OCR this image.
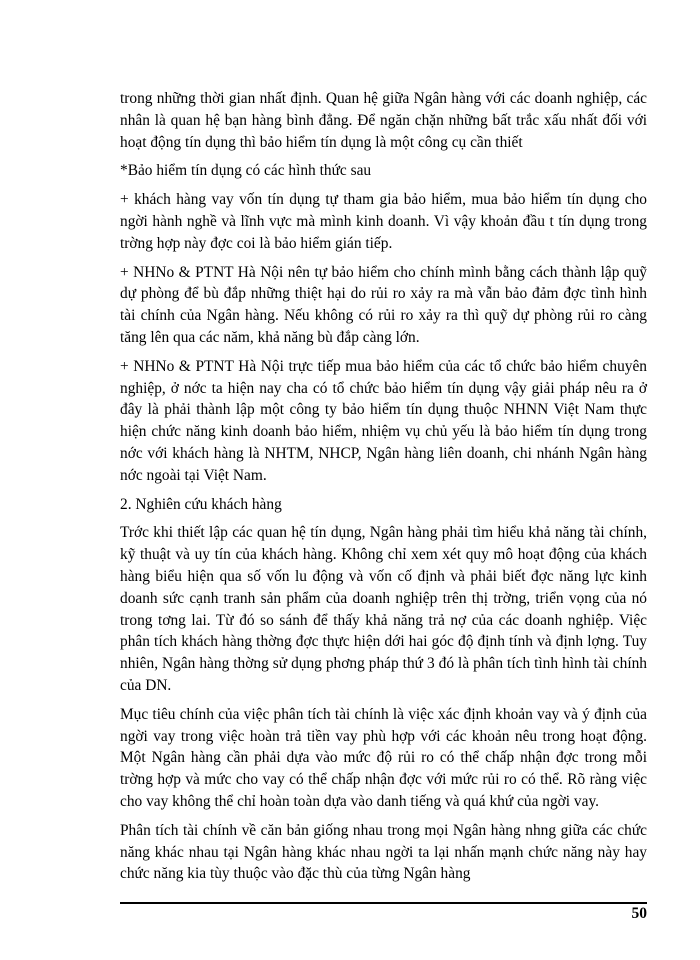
trong những thời gian nhất định. Quan hệ giữa Ngân hàng với các doanh nghiệp, các nhân là quan hệ bạn hàng bình đẳng. Để ngăn chặn những bất trắc xấu nhất đối với hoạt động tín dụng thì bảo hiểm tín dụng là một công cụ cần thiết

*Bảo hiểm tín dụng có các hình thức sau

+ khách hàng vay vốn tín dụng tự tham gia bảo hiểm, mua bảo hiểm tín dụng cho ngời hành nghề và lĩnh vực mà mình kinh doanh. Vì vậy khoản đầu t tín dụng trong trờng hợp này đợc coi là bảo hiểm gián tiếp.

+ NHNo & PTNT Hà Nội nên tự bảo hiểm cho chính mình bằng cách thành lập quỹ dự phòng để bù đắp những thiệt hại do rủi ro xảy ra mà vẫn bảo đảm đợc tình hình tài chính của Ngân hàng. Nếu không có rủi ro xảy ra thì quỹ dự phòng rủi ro càng tăng lên qua các năm, khả năng bù đắp càng lớn.

+ NHNo & PTNT Hà Nội trực tiếp mua bảo hiểm của các tổ chức bảo hiểm chuyên nghiệp, ở nớc ta hiện nay cha có tổ chức bảo hiểm tín dụng vậy giải pháp nêu ra ở đây là phải thành lập một công ty bảo hiểm tín dụng thuộc NHNN Việt Nam thực hiện chức năng kinh doanh bảo hiểm, nhiệm vụ chủ yếu là bảo hiểm tín dụng trong nớc với khách hàng là NHTM, NHCP, Ngân hàng liên doanh, chi nhánh Ngân hàng nớc ngoài tại Việt Nam.

2. Nghiên cứu khách hàng

Trớc khi thiết lập các quan hệ tín dụng, Ngân hàng phải tìm hiểu khả năng tài chính, kỹ thuật và uy tín của khách hàng. Không chỉ xem xét quy mô hoạt động của khách hàng biểu hiện qua số vốn lu động và vốn cố định và phải biết đợc năng lực kinh doanh sức cạnh tranh sản phẩm của doanh nghiệp trên thị trờng, triển vọng của nó trong tơng lai. Từ đó so sánh để thấy khả năng trả nợ của các doanh nghiệp. Việc phân tích khách hàng thờng đợc thực hiện dới hai góc độ định tính và định lợng. Tuy nhiên, Ngân hàng thờng sử dụng phơng pháp thứ 3 đó là phân tích tình hình tài chính của DN.

Mục tiêu chính của việc phân tích tài chính là việc xác định khoản vay và ý định của ngời vay trong việc hoàn trả tiền vay phù hợp với các khoản nêu trong hoạt động. Một Ngân hàng cần phải dựa vào mức độ rủi ro có thể chấp nhận đợc trong mỗi trờng hợp và mức cho vay có thể chấp nhận đợc với mức rủi ro có thể. Rõ ràng việc cho vay không thể chỉ hoàn toàn dựa vào danh tiếng và quá khứ của ngời vay.

Phân tích tài chính về căn bản giống nhau trong mọi Ngân hàng nhng giữa các chức năng khác nhau tại Ngân hàng khác nhau ngời ta lại nhấn mạnh chức năng này hay chức năng kia tùy thuộc vào đặc thù của từng Ngân hàng

50
